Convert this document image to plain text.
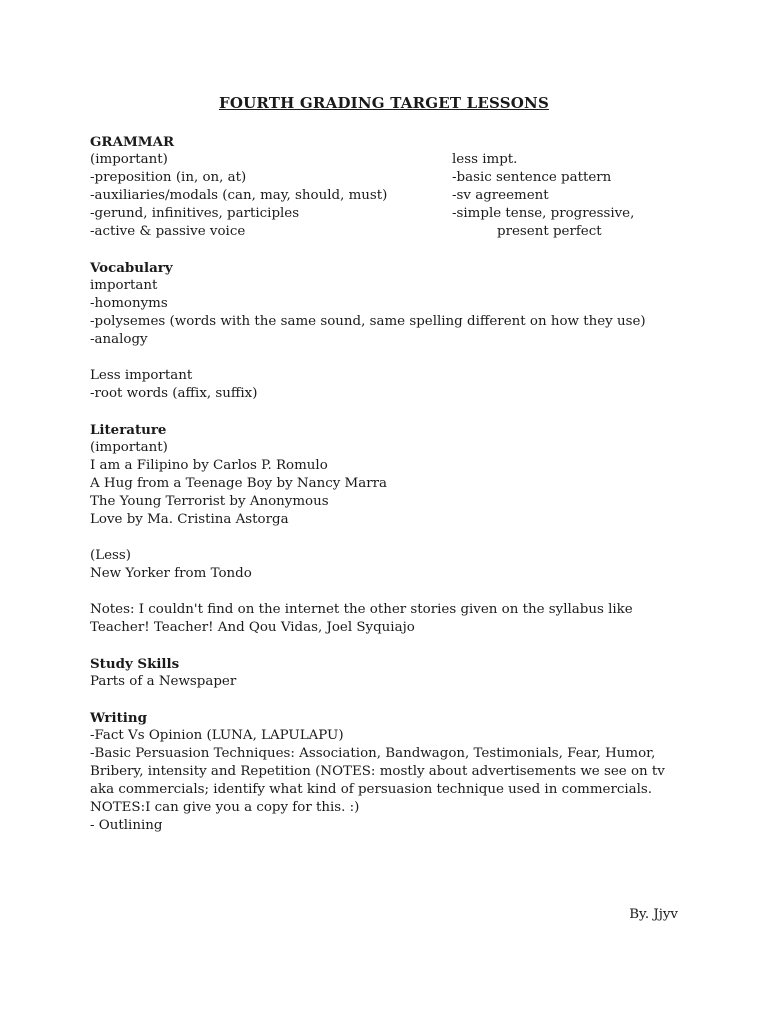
FOURTH GRADING TARGET LESSONS
GRAMMAR
(important)
-preposition (in, on, at)
-auxiliaries/modals (can, may, should, must)
-gerund, infinitives, participles
-active & passive voice
less impt.
-basic sentence pattern
-sv agreement
-simple tense, progressive,
present perfect
Vocabulary
important
-homonyms
-polysemes (words with the same sound, same spelling different on how they use)
-analogy
Less important
-root words (affix, suffix)
Literature
(important)
I am a Filipino by Carlos P. Romulo
A Hug from a Teenage Boy by Nancy Marra
The Young Terrorist by Anonymous
Love by Ma. Cristina Astorga
(Less)
New Yorker from Tondo
Notes: I couldn't find on the internet the other stories given on the syllabus like
Teacher! Teacher! And Qou Vidas, Joel Syquiajo
Study Skills
Parts of a Newspaper
Writing
-Fact Vs Opinion (LUNA, LAPULAPU)
-Basic Persuasion Techniques: Association, Bandwagon, Testimonials, Fear, Humor,
Bribery, intensity and Repetition (NOTES: mostly about advertisements we see on tv
aka commercials; identify what kind of persuasion technique used in commercials.
NOTES:I can give you a copy for this. :)
- Outlining
By. Jjyv
